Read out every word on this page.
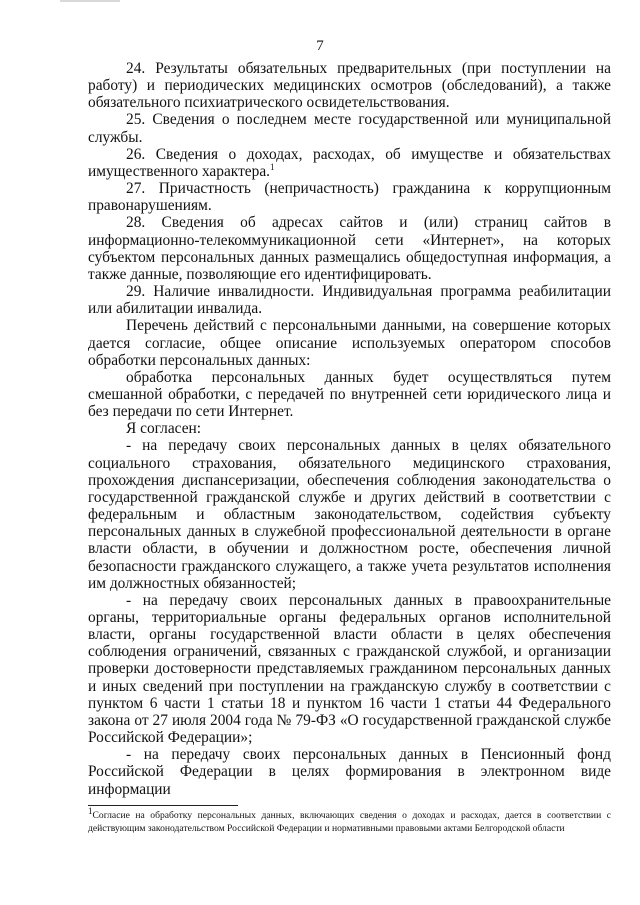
7

24. Результаты обязательных предварительных (при поступлении на работу) и периодических медицинских осмотров (обследований), а также обязательного психиатрического освидетельствования.

25. Сведения о последнем месте государственной или муниципальной службы.

26. Сведения о доходах, расходах, об имуществе и обязательствах имущественного характера.$^1$

27. Причастность (непричастность) гражданина к коррупционным правонарушениям.

28. Сведения об адресах сайтов и (или) страниц сайтов в информационно-телекоммуникационной сети «Интернет», на которых субъектом персональных данных размещались общедоступная информация, а также данные, позволяющие его идентифицировать.

29. Наличие инвалидности. Индивидуальная программа реабилитации или абилитации инвалида.

Перечень действий с персональными данными, на совершение которых дается согласие, общее описание используемых оператором способов обработки персональных данных:

обработка персональных данных будет осуществляться путем смешанной обработки, с передачей по внутренней сети юридического лица и без передачи по сети Интернет.

Я согласен:

- на передачу своих персональных данных в целях обязательного социального страхования, обязательного медицинского страхования, прохождения диспансеризации, обеспечения соблюдения законодательства о государственной гражданской службе и других действий в соответствии с федеральным и областным законодательством, содействия субъекту персональных данных в служебной профессиональной деятельности в органе власти области, в обучении и должностном росте, обеспечения личной безопасности гражданского служащего, а также учета результатов исполнения им должностных обязанностей;

- на передачу своих персональных данных в правоохранительные органы, территориальные органы федеральных органов исполнительной власти, органы государственной власти области в целях обеспечения соблюдения ограничений, связанных с гражданской службой, и организации проверки достоверности представляемых гражданином персональных данных и иных сведений при поступлении на гражданскую службу в соответствии с пунктом 6 части 1 статьи 18 и пунктом 16 части 1 статьи 44 Федерального закона от 27 июля 2004 года № 79-ФЗ «О государственной гражданской службе Российской Федерации»;

- на передачу своих персональных данных в Пенсионный фонд Российской Федерации в целях формирования в электронном виде информации

$^1$Согласие на обработку персональных данных, включающих сведения о доходах и расходах, дается в соответствии с действующим законодательством Российской Федерации и нормативными правовыми актами Белгородской области
